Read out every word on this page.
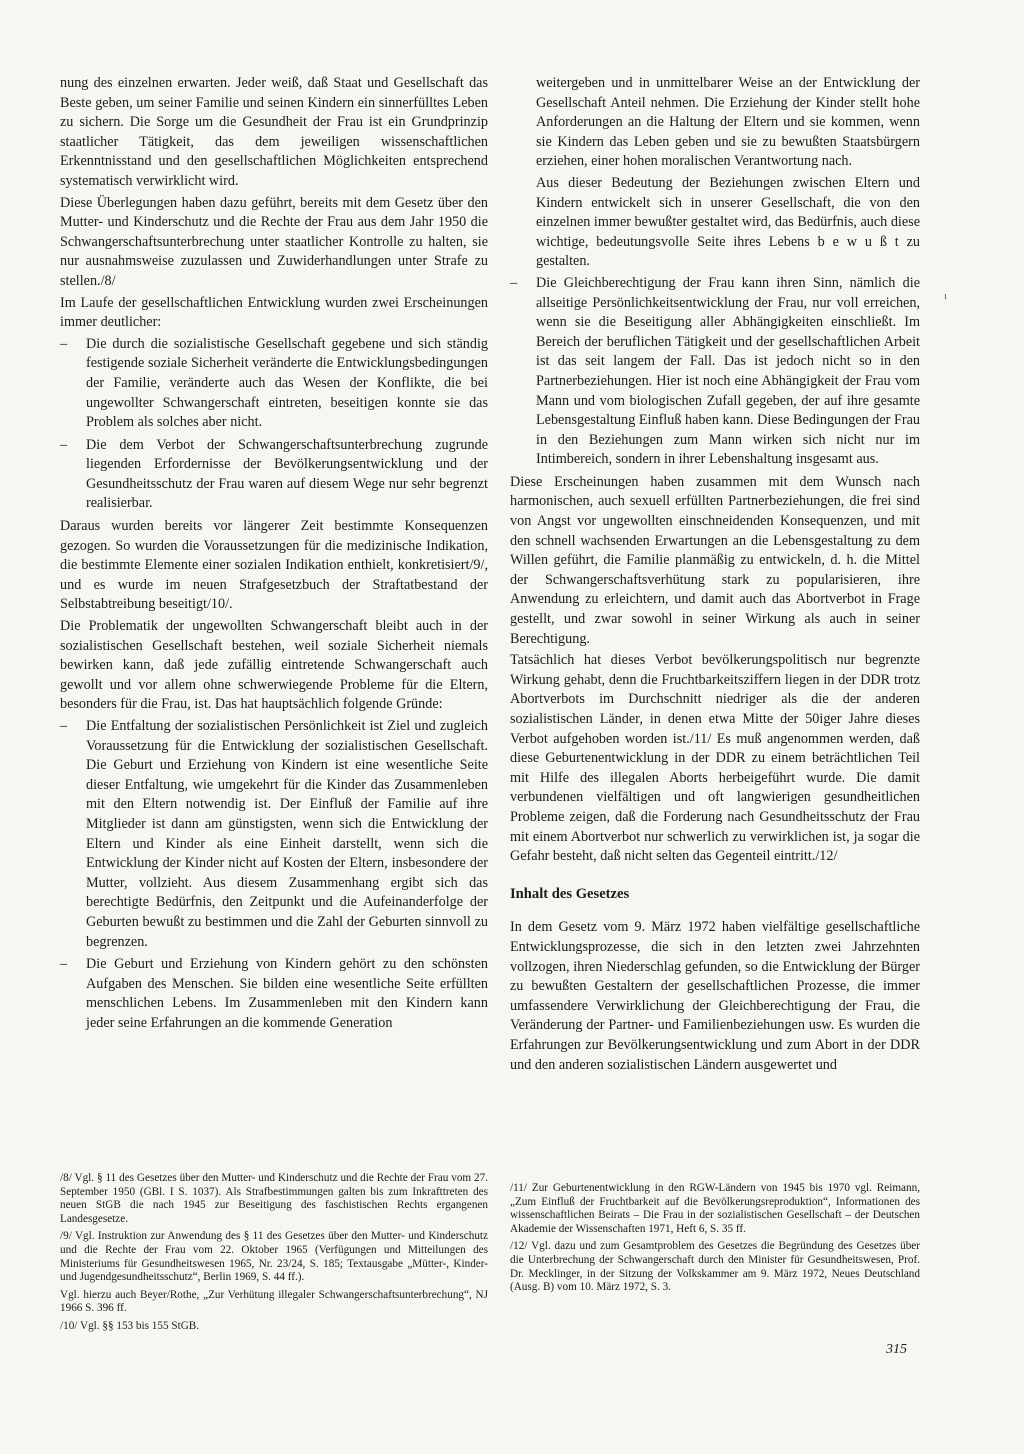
nung des einzelnen erwarten. Jeder weiß, daß Staat und Gesellschaft das Beste geben, um seiner Familie und seinen Kindern ein sinnerfülltes Leben zu sichern. Die Sorge um die Gesundheit der Frau ist ein Grundprinzip staatlicher Tätigkeit, das dem jeweiligen wissenschaftlichen Erkenntnisstand und den gesellschaftlichen Möglichkeiten entsprechend systematisch verwirklicht wird.

Diese Überlegungen haben dazu geführt, bereits mit dem Gesetz über den Mutter- und Kinderschutz und die Rechte der Frau aus dem Jahr 1950 die Schwangerschaftsunterbrechung unter staatlicher Kontrolle zu halten, sie nur ausnahmsweise zuzulassen und Zuwiderhandlungen unter Strafe zu stellen./8/

Im Laufe der gesellschaftlichen Entwicklung wurden zwei Erscheinungen immer deutlicher:

– Die durch die sozialistische Gesellschaft gegebene und sich ständig festigende soziale Sicherheit veränderte die Entwicklungsbedingungen der Familie, veränderte auch das Wesen der Konflikte, die bei ungewollter Schwangerschaft eintreten, beseitigen konnte sie das Problem als solches aber nicht.
– Die dem Verbot der Schwangerschaftsunterbrechung zugrunde liegenden Erfordernisse der Bevölkerungsentwicklung und der Gesundheitsschutz der Frau waren auf diesem Wege nur sehr begrenzt realisierbar.

Daraus wurden bereits vor längerer Zeit bestimmte Konsequenzen gezogen. So wurden die Voraussetzungen für die medizinische Indikation, die bestimmte Elemente einer sozialen Indikation enthielt, konkretisiert/9/, und es wurde im neuen Strafgesetzbuch der Straftatbestand der Selbstabtreibung beseitigt/10/.

Die Problematik der ungewollten Schwangerschaft bleibt auch in der sozialistischen Gesellschaft bestehen, weil soziale Sicherheit niemals bewirken kann, daß jede zufällig eintretende Schwangerschaft auch gewollt und vor allem ohne schwerwiegende Probleme für die Eltern, besonders für die Frau, ist. Das hat hauptsächlich folgende Gründe:

– Die Entfaltung der sozialistischen Persönlichkeit ist Ziel und zugleich Voraussetzung für die Entwicklung der sozialistischen Gesellschaft. Die Geburt und Erziehung von Kindern ist eine wesentliche Seite dieser Entfaltung, wie umgekehrt für die Kinder das Zusammenleben mit den Eltern notwendig ist. Der Einfluß der Familie auf ihre Mitglieder ist dann am günstigsten, wenn sich die Entwicklung der Eltern und Kinder als eine Einheit darstellt, wenn sich die Entwicklung der Kinder nicht auf Kosten der Eltern, insbesondere der Mutter, vollzieht. Aus diesem Zusammenhang ergibt sich das berechtigte Bedürfnis, den Zeitpunkt und die Aufeinanderfolge der Geburten bewußt zu bestimmen und die Zahl der Geburten sinnvoll zu begrenzen.
– Die Geburt und Erziehung von Kindern gehört zu den schönsten Aufgaben des Menschen. Sie bilden eine wesentliche Seite erfüllten menschlichen Lebens. Im Zusammenleben mit den Kindern kann jeder seine Erfahrungen an die kommende Generation

weitergeben und in unmittelbarer Weise an der Entwicklung der Gesellschaft Anteil nehmen. Die Erziehung der Kinder stellt hohe Anforderungen an die Haltung der Eltern und sie kommen, wenn sie Kindern das Leben geben und sie zu bewußten Staatsbürgern erziehen, einer hohen moralischen Verantwortung nach.

Aus dieser Bedeutung der Beziehungen zwischen Eltern und Kindern entwickelt sich in unserer Gesellschaft, die von den einzelnen immer bewußter gestaltet wird, das Bedürfnis, auch diese wichtige, bedeutungsvolle Seite ihres Lebens b e w u ß t zu gestalten.

– Die Gleichberechtigung der Frau kann ihren Sinn, nämlich die allseitige Persönlichkeitsentwicklung der Frau, nur voll erreichen, wenn sie die Beseitigung aller Abhängigkeiten einschließt. Im Bereich der beruflichen Tätigkeit und der gesellschaftlichen Arbeit ist das seit langem der Fall. Das ist jedoch nicht so in den Partnerbeziehungen. Hier ist noch eine Abhängigkeit der Frau vom Mann und vom biologischen Zufall gegeben, der auf ihre gesamte Lebensgestaltung Einfluß haben kann. Diese Bedingungen der Frau in den Beziehungen zum Mann wirken sich nicht nur im Intimbereich, sondern in ihrer Lebenshaltung insgesamt aus.

Diese Erscheinungen haben zusammen mit dem Wunsch nach harmonischen, auch sexuell erfüllten Partnerbeziehungen, die frei sind von Angst vor ungewollten einschneidenden Konsequenzen, und mit den schnell wachsenden Erwartungen an die Lebensgestaltung zu dem Willen geführt, die Familie planmäßig zu entwickeln, d. h. die Mittel der Schwangerschaftsverhütung stark zu popularisieren, ihre Anwendung zu erleichtern, und damit auch das Abortverbot in Frage gestellt, und zwar sowohl in seiner Wirkung als auch in seiner Berechtigung.

Tatsächlich hat dieses Verbot bevölkerungspolitisch nur begrenzte Wirkung gehabt, denn die Fruchtbarkeitsziffern liegen in der DDR trotz Abortverbots im Durchschnitt niedriger als die der anderen sozialistischen Länder, in denen etwa Mitte der 50iger Jahre dieses Verbot aufgehoben worden ist./11/ Es muß angenommen werden, daß diese Geburtenentwicklung in der DDR zu einem beträchtlichen Teil mit Hilfe des illegalen Aborts herbeigeführt wurde. Die damit verbundenen vielfältigen und oft langwierigen gesundheitlichen Probleme zeigen, daß die Forderung nach Gesundheitsschutz der Frau mit einem Abortverbot nur schwerlich zu verwirklichen ist, ja sogar die Gefahr besteht, daß nicht selten das Gegenteil eintritt./12/

Inhalt des Gesetzes

In dem Gesetz vom 9. März 1972 haben vielfältige gesellschaftliche Entwicklungsprozesse, die sich in den letzten zwei Jahrzehnten vollzogen, ihren Niederschlag gefunden, so die Entwicklung der Bürger zu bewußten Gestaltern der gesellschaftlichen Prozesse, die immer umfassendere Verwirklichung der Gleichberechtigung der Frau, die Veränderung der Partner- und Familienbeziehungen usw. Es wurden die Erfahrungen zur Bevölkerungsentwicklung und zum Abort in der DDR und den anderen sozialistischen Ländern ausgewertet und

/8/ Vgl. § 11 des Gesetzes über den Mutter- und Kinderschutz und die Rechte der Frau vom 27. September 1950 (GBl. I S. 1037). Als Strafbestimmungen galten bis zum Inkrafttreten des neuen StGB die nach 1945 zur Beseitigung des faschistischen Rechts ergangenen Landesgesetze.

/9/ Vgl. Instruktion zur Anwendung des § 11 des Gesetzes über den Mutter- und Kinderschutz und die Rechte der Frau vom 22. Oktober 1965 (Verfügungen und Mitteilungen des Ministeriums für Gesundheitswesen 1965, Nr. 23/24, S. 185; Textausgabe „Mütter-, Kinder- und Jugendgesundheitsschutz“, Berlin 1969, S. 44 ff.).

Vgl. hierzu auch Beyer/Rothe, „Zur Verhütung illegaler Schwangerschaftsunterbrechung“, NJ 1966 S. 396 ff.

/10/ Vgl. §§ 153 bis 155 StGB.

/11/ Zur Geburtenentwicklung in den RGW-Ländern von 1945 bis 1970 vgl. Reimann, „Zum Einfluß der Fruchtbarkeit auf die Bevölkerungsreproduktion“, Informationen des wissenschaftlichen Beirats – Die Frau in der sozialistischen Gesellschaft – der Deutschen Akademie der Wissenschaften 1971, Heft 6, S. 35 ff.

/12/ Vgl. dazu und zum Gesamtproblem des Gesetzes die Begründung des Gesetzes über die Unterbrechung der Schwangerschaft durch den Minister für Gesundheitswesen, Prof. Dr. Mecklinger, in der Sitzung der Volkskammer am 9. März 1972, Neues Deutschland (Ausg. B) vom 10. März 1972, S. 3.

ı
315
